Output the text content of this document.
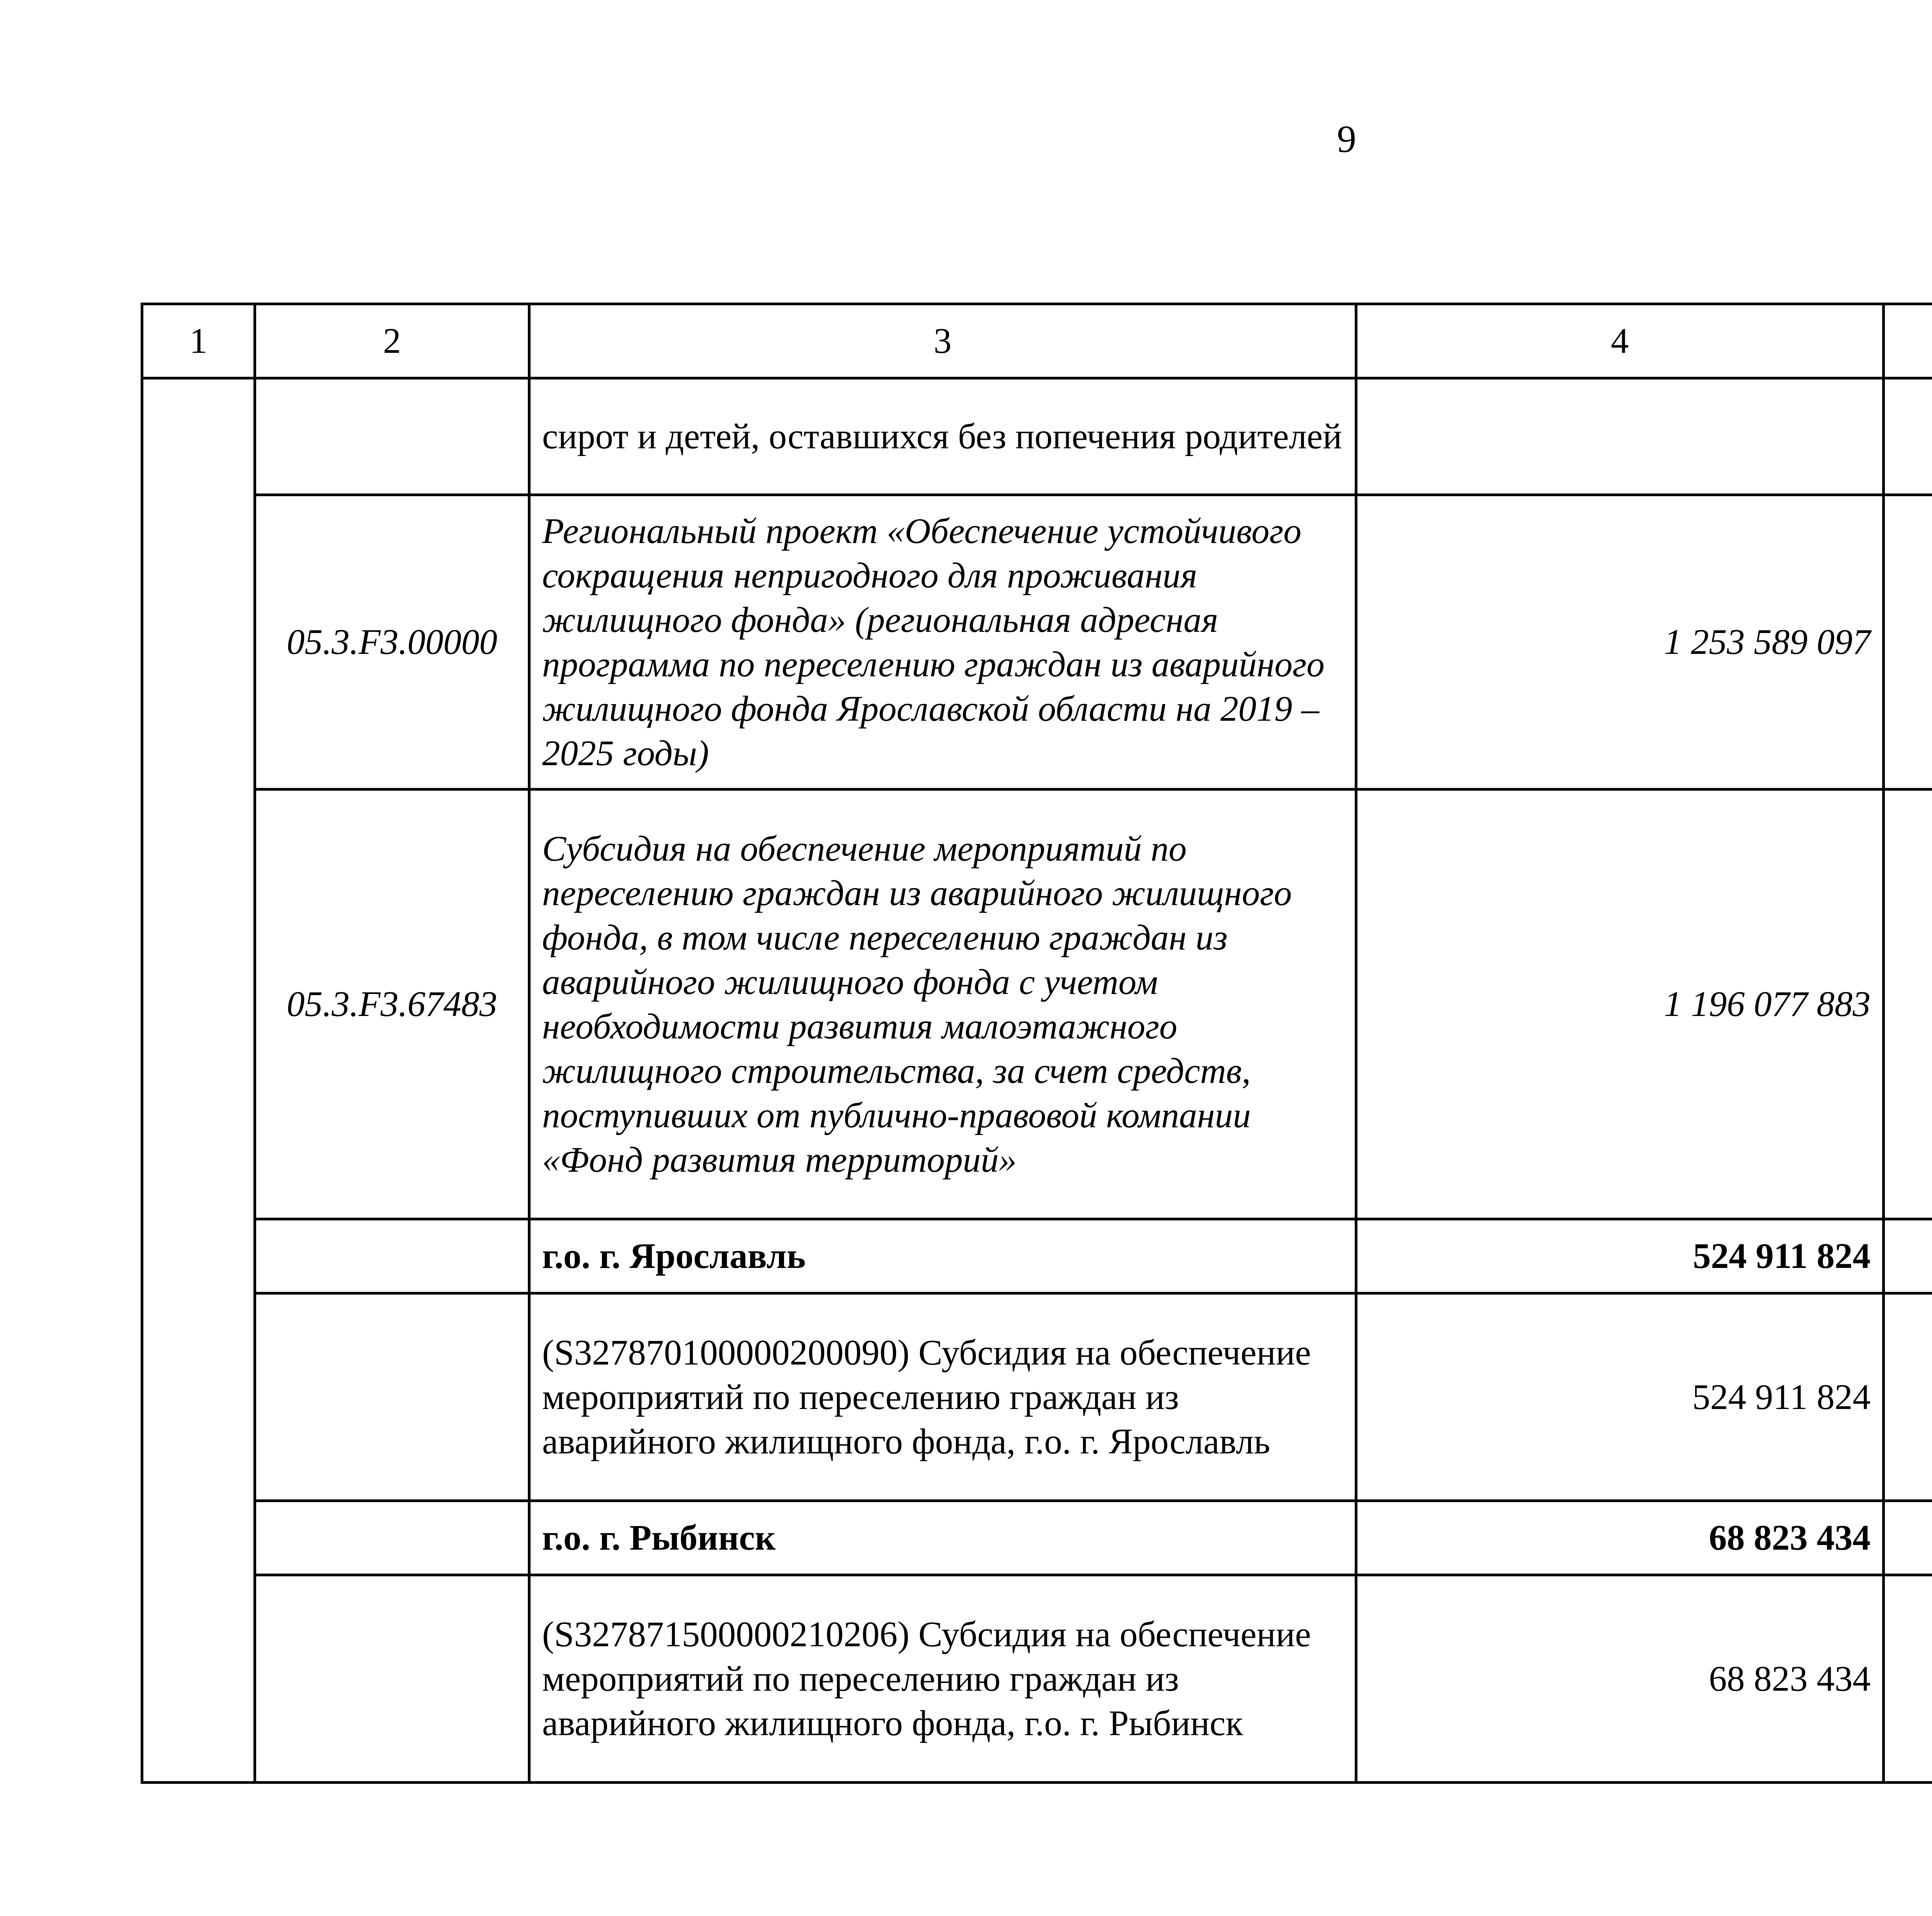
9
1	2	3	4			
		сирот и детей, оставшихся без попечения родителей				
	05.3.F3.00000	Региональный проект «Обеспечение устойчивого сокращения непригодного для проживания жилищного фонда» (региональная адресная программа по переселению граждан из аварийного жилищного фонда Ярославской области на 2019 – 2025 годы)	1 253 589 097			
	05.3.F3.67483	Субсидия на обеспечение мероприятий по переселению граждан из аварийного жилищного фонда, в том числе переселению граждан из аварийного жилищного фонда с учетом необходимости развития малоэтажного жилищного строительства, за счет средств, поступивших от публично-правовой компании «Фонд развития территорий»	1 196 077 883			
		г.о. г. Ярославль	524 911 824			
		(S327870100000200090) Субсидия на обеспечение мероприятий по переселению граждан из аварийного жилищного фонда, г.о. г. Ярославль	524 911 824			
		г.о. г. Рыбинск	68 823 434			
		(S327871500000210206) Субсидия на обеспечение мероприятий по переселению граждан из аварийного жилищного фонда, г.о. г. Рыбинск	68 823 434			
